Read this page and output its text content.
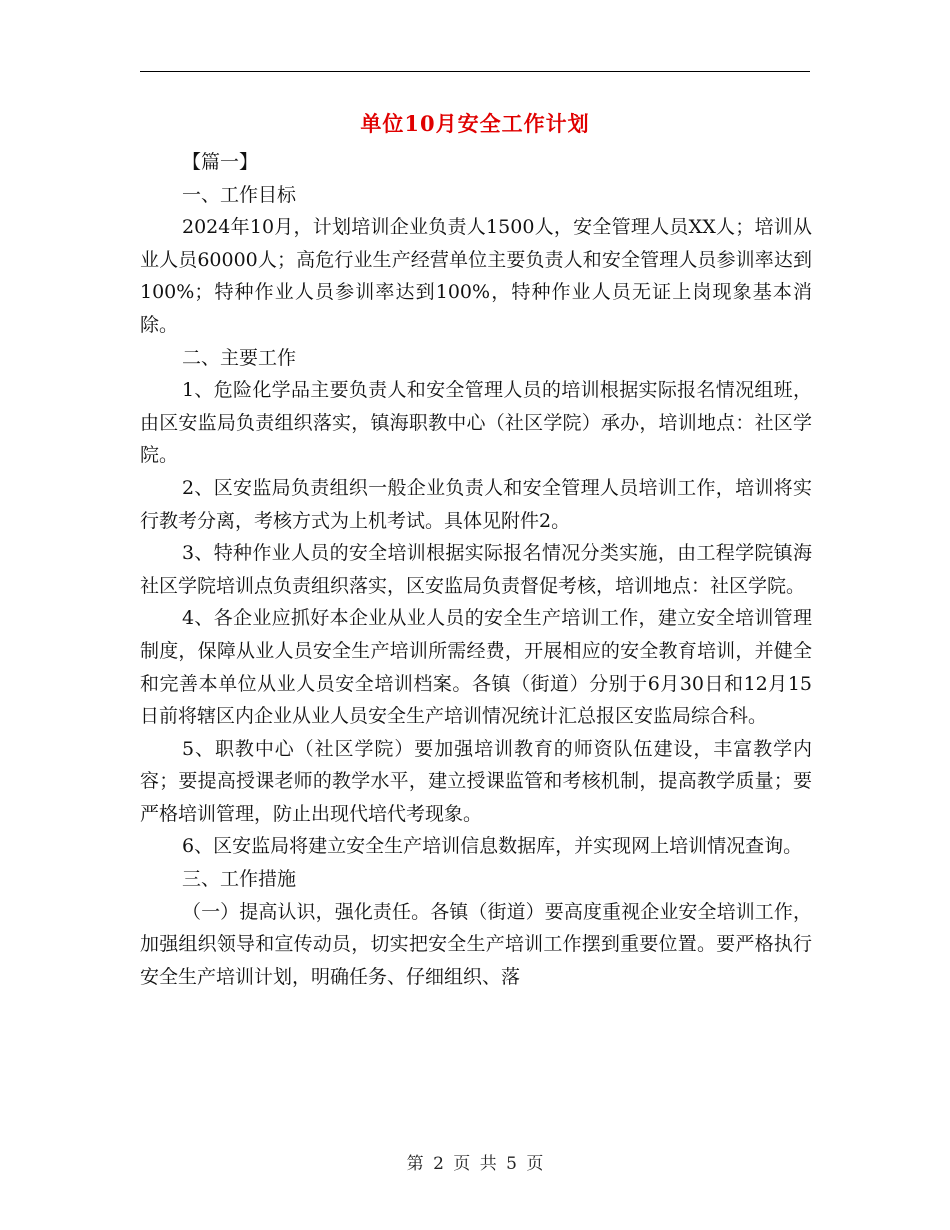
单位10月安全工作计划

【篇一】

一、工作目标

2024年10月，计划培训企业负责人1500人，安全管理人员XX人；培训从业人员60000人；高危行业生产经营单位主要负责人和安全管理人员参训率达到100%；特种作业人员参训率达到100%，特种作业人员无证上岗现象基本消除。

二、主要工作

1、危险化学品主要负责人和安全管理人员的培训根据实际报名情况组班，由区安监局负责组织落实，镇海职教中心（社区学院）承办，培训地点：社区学院。

2、区安监局负责组织一般企业负责人和安全管理人员培训工作，培训将实行教考分离，考核方式为上机考试。具体见附件2。

3、特种作业人员的安全培训根据实际报名情况分类实施，由工程学院镇海社区学院培训点负责组织落实，区安监局负责督促考核，培训地点：社区学院。

4、各企业应抓好本企业从业人员的安全生产培训工作，建立安全培训管理制度，保障从业人员安全生产培训所需经费，开展相应的安全教育培训，并健全和完善本单位从业人员安全培训档案。各镇（街道）分别于6月30日和12月15日前将辖区内企业从业人员安全生产培训情况统计汇总报区安监局综合科。

5、职教中心（社区学院）要加强培训教育的师资队伍建设，丰富教学内容；要提高授课老师的教学水平，建立授课监管和考核机制，提高教学质量；要严格培训管理，防止出现代培代考现象。

6、区安监局将建立安全生产培训信息数据库，并实现网上培训情况查询。

三、工作措施

（一）提高认识，强化责任。各镇（街道）要高度重视企业安全培训工作，加强组织领导和宣传动员，切实把安全生产培训工作摆到重要位置。要严格执行安全生产培训计划，明确任务、仔细组织、落

第 2 页 共 5 页
